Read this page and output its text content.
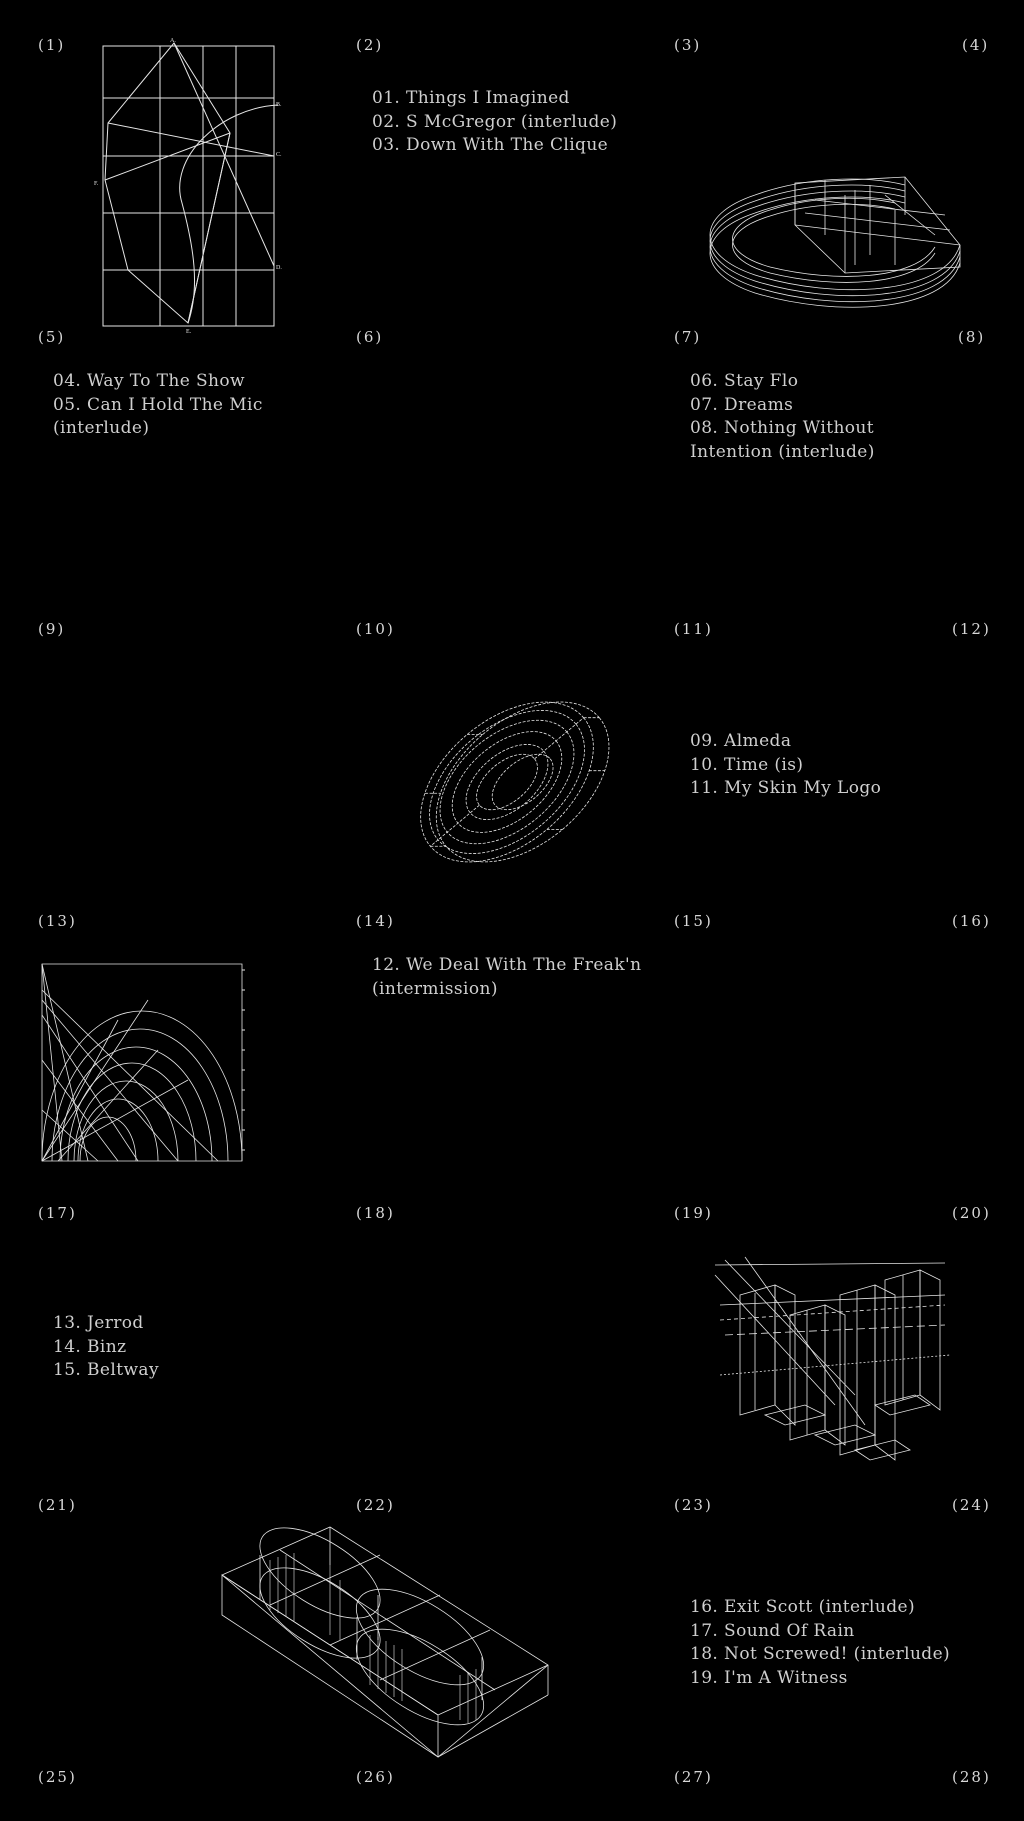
(1)	(2)	(3)	(4)
(5)	(6)	(7)	(8)
(9)	(10)	(11)	(12)
(13)	(14)	(15)	(16)
(17)	(18)	(19)	(20)
(21)	(22)	(23)	(24)
(25)	(26)	(27)	(28)
01. Things I Imagined
02. S McGregor (interlude)
03. Down With The Clique
04. Way To The Show
05. Can I Hold The Mic
(interlude)
06. Stay Flo
07. Dreams
08. Nothing Without
Intention (interlude)
09. Almeda
10. Time (is)
11. My Skin My Logo
12. We Deal With The Freak'n
(intermission)
13. Jerrod
14. Binz
15. Beltway
16. Exit Scott (interlude)
17. Sound Of Rain
18. Not Screwed! (interlude)
19. I'm A Witness
A.
B.
C.
D.
E.
F.
